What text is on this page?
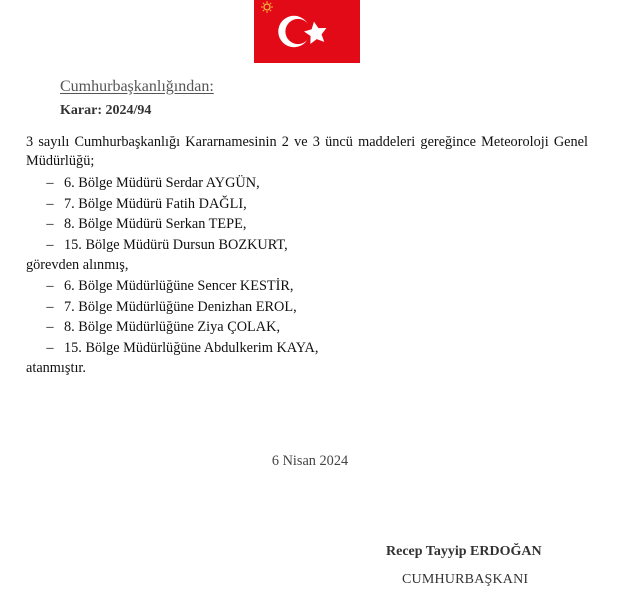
Cumhurbaşkanlığından:
Karar: 2024/94
3 sayılı Cumhurbaşkanlığı Kararnamesinin 2 ve 3 üncü maddeleri gereğince Meteoroloji Genel Müdürlüğü;
– 6. Bölge Müdürü Serdar AYGÜN,
– 7. Bölge Müdürü Fatih DAĞLI,
– 8. Bölge Müdürü Serkan TEPE,
– 15. Bölge Müdürü Dursun BOZKURT,
görevden alınmış,
– 6. Bölge Müdürlüğüne Sencer KESTİR,
– 7. Bölge Müdürlüğüne Denizhan EROL,
– 8. Bölge Müdürlüğüne Ziya ÇOLAK,
– 15. Bölge Müdürlüğüne Abdulkerim KAYA,
atanmıştır.
6 Nisan 2024
Recep Tayyip ERDOĞAN
CUMHURBAŞKANI
